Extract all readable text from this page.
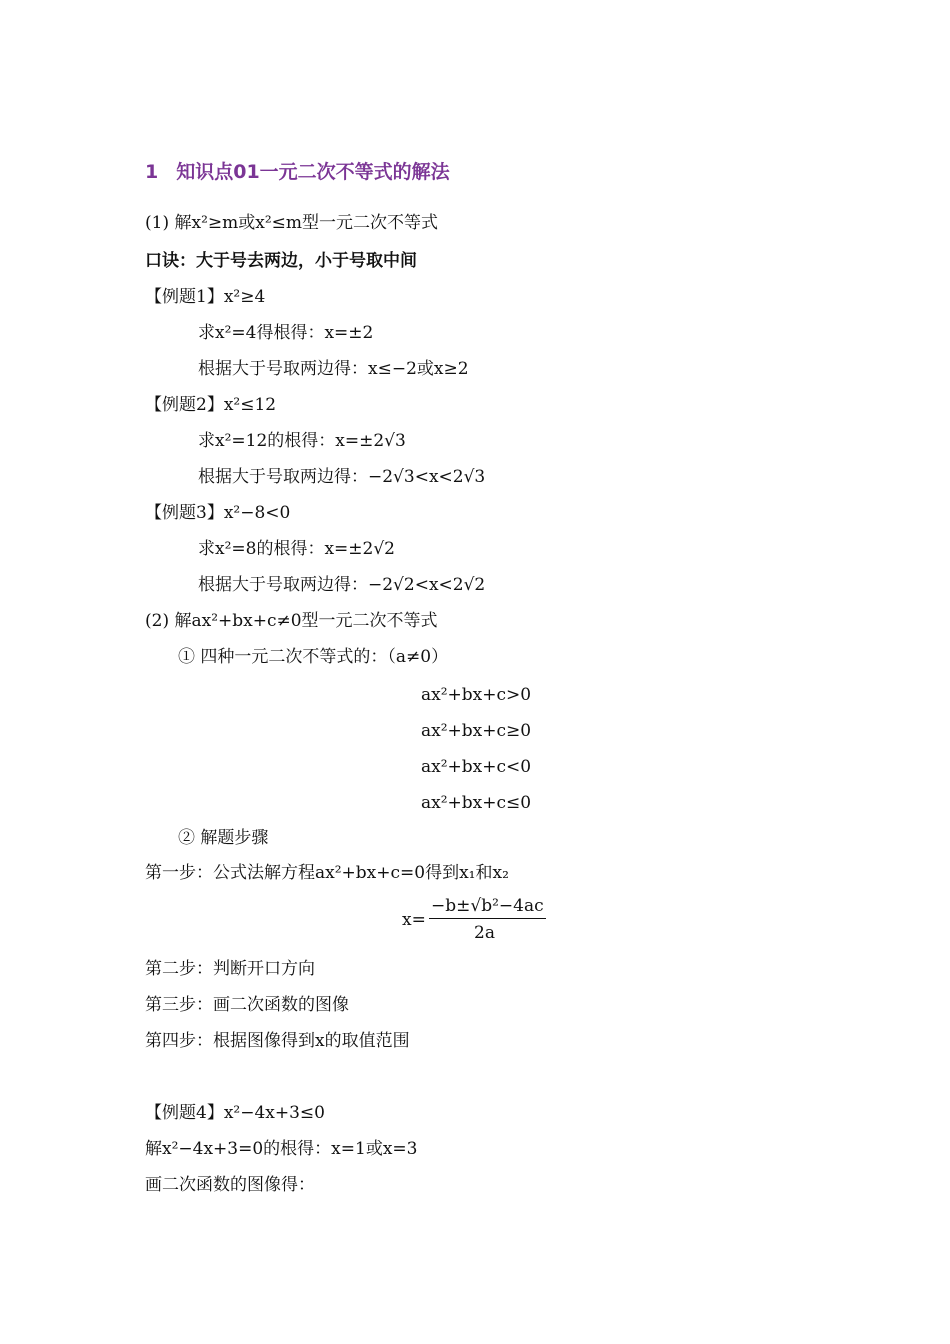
1 知识点01一元二次不等式的解法
(1) 解x²≥m或x²≤m型一元二次不等式
口诀：大于号去两边，小于号取中间
【例题1】x²≥4
求x²=4得根得：x=±2
根据大于号取两边得：x≤−2或x≥2
【例题2】x²≤12
求x²=12的根得：x=±2√3
根据大于号取两边得：−2√3<x<2√3
【例题3】x²−8<0
求x²=8的根得：x=±2√2
根据大于号取两边得：−2√2<x<2√2
(2) 解ax²+bx+c≠0型一元二次不等式
① 四种一元二次不等式的：（a≠0）
ax²+bx+c>0
ax²+bx+c≥0
ax²+bx+c<0
ax²+bx+c≤0
② 解题步骤
第一步：公式法解方程ax²+bx+c=0得到x₁和x₂
x=
−b±√b²−4ac
2a
第二步：判断开口方向
第三步：画二次函数的图像
第四步：根据图像得到x的取值范围
【例题4】x²−4x+3≤0
解x²−4x+3=0的根得：x=1或x=3
画二次函数的图像得：
